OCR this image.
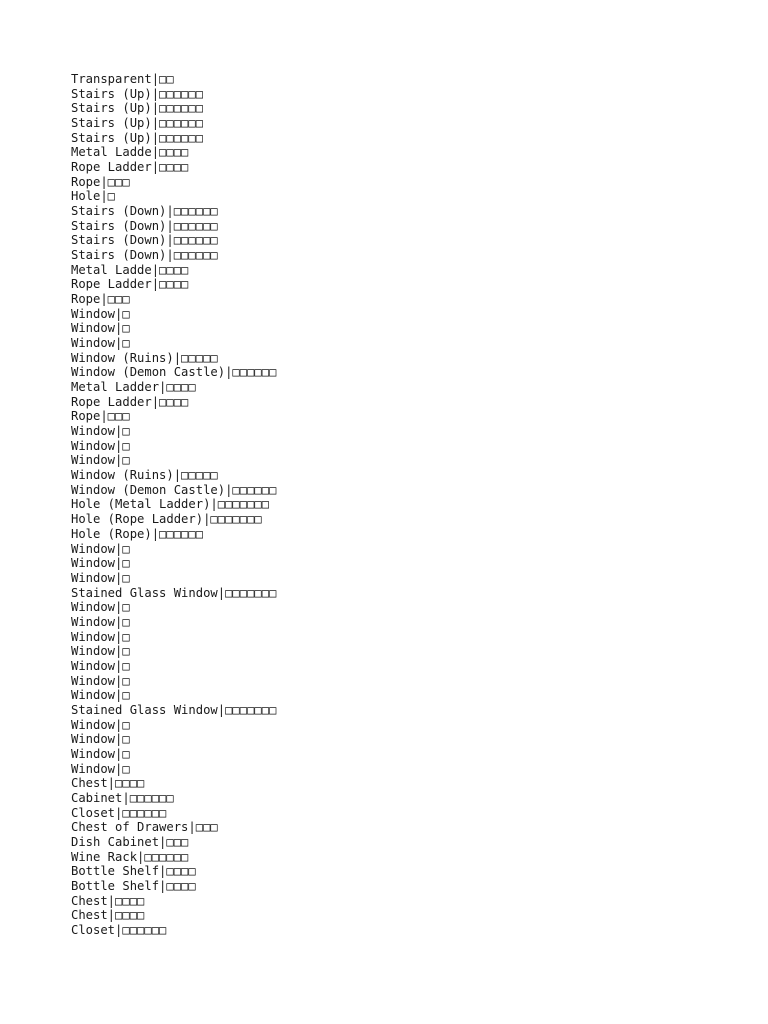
Transparent|□□
Stairs (Up)|□□□□□□
Stairs (Up)|□□□□□□
Stairs (Up)|□□□□□□
Stairs (Up)|□□□□□□
Metal Ladde|□□□□
Rope Ladder|□□□□
Rope|□□□
Hole|□
Stairs (Down)|□□□□□□
Stairs (Down)|□□□□□□
Stairs (Down)|□□□□□□
Stairs (Down)|□□□□□□
Metal Ladde|□□□□
Rope Ladder|□□□□
Rope|□□□
Window|□
Window|□
Window|□
Window (Ruins)|□□□□□
Window (Demon Castle)|□□□□□□
Metal Ladder|□□□□
Rope Ladder|□□□□
Rope|□□□
Window|□
Window|□
Window|□
Window (Ruins)|□□□□□
Window (Demon Castle)|□□□□□□
Hole (Metal Ladder)|□□□□□□□
Hole (Rope Ladder)|□□□□□□□
Hole (Rope)|□□□□□□
Window|□
Window|□
Window|□
Stained Glass Window|□□□□□□□
Window|□
Window|□
Window|□
Window|□
Window|□
Window|□
Window|□
Stained Glass Window|□□□□□□□
Window|□
Window|□
Window|□
Window|□
Chest|□□□□
Cabinet|□□□□□□
Closet|□□□□□□
Chest of Drawers|□□□
Dish Cabinet|□□□
Wine Rack|□□□□□□
Bottle Shelf|□□□□
Bottle Shelf|□□□□
Chest|□□□□
Chest|□□□□
Closet|□□□□□□
